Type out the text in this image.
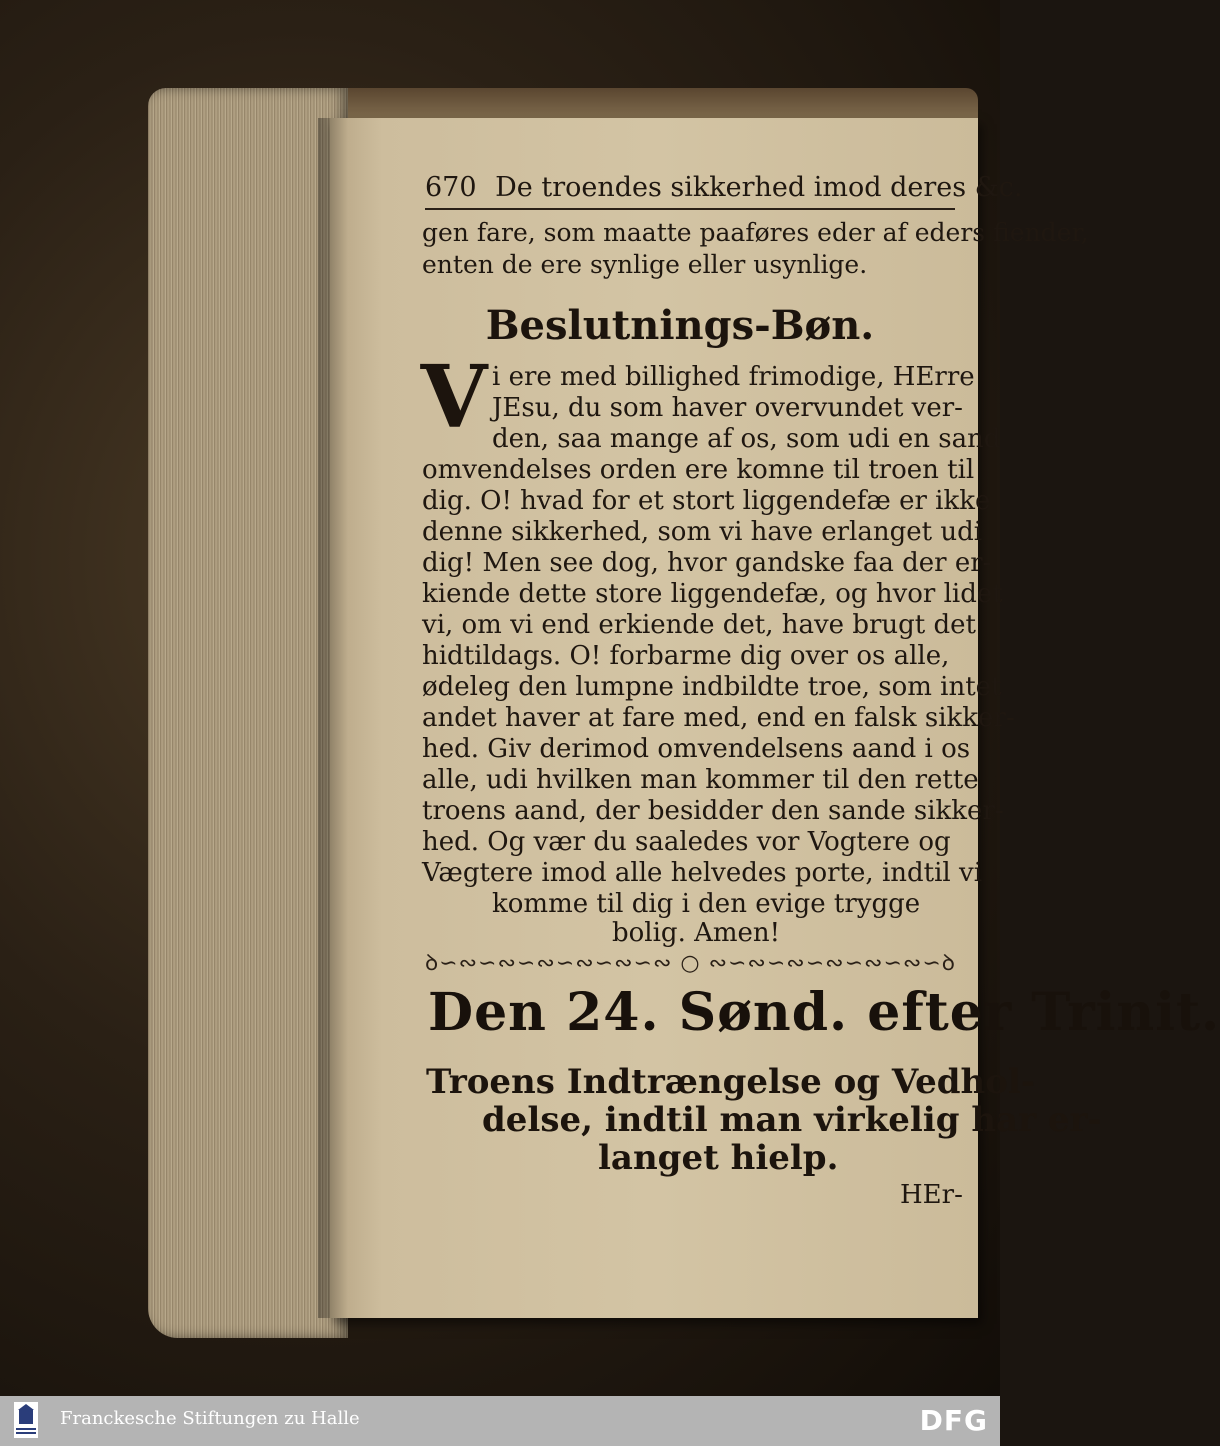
670 De troendes sikkerhed imod deres &c.
gen fare, som maatte paaføres eder af eders fiender,
enten de ere synlige eller usynlige.
Beslutnings-Bøn.
V i ere med billighed frimodige, HErre
JEsu, du som haver overvundet ver-
den, saa mange af os, som udi en sand
omvendelses orden ere komne til troen til
dig. O! hvad for et stort liggendefæ er ikke
denne sikkerhed, som vi have erlanget udi
dig! Men see dog, hvor gandske faa der er-
kiende dette store liggendefæ, og hvor lidet
vi, om vi end erkiende det, have brugt det
hidtildags. O! forbarme dig over os alle,
ødeleg den lumpne indbildte troe, som intet
andet haver at fare med, end en falsk sikker-
hed. Giv derimod omvendelsens aand i os
alle, udi hvilken man kommer til den rette
troens aand, der besidder den sande sikker-
hed. Og vær du saaledes vor Vogtere og
Vægtere imod alle helvedes porte, indtil vi
komme til dig i den evige trygge
bolig. Amen!
ꝺ∽∾∽∾∽∾∽∾∽∾∽∾ ○ ∾∽∾∽∾∽∾∽∾∽∾∽ꝺ
Den 24. Sønd. efter Trinit.
Troens Indtrængelse og Vedhol-
delse, indtil man virkelig har er-
langet hielp.
HEr-
Franckesche Stiftungen zu Halle	DFG
